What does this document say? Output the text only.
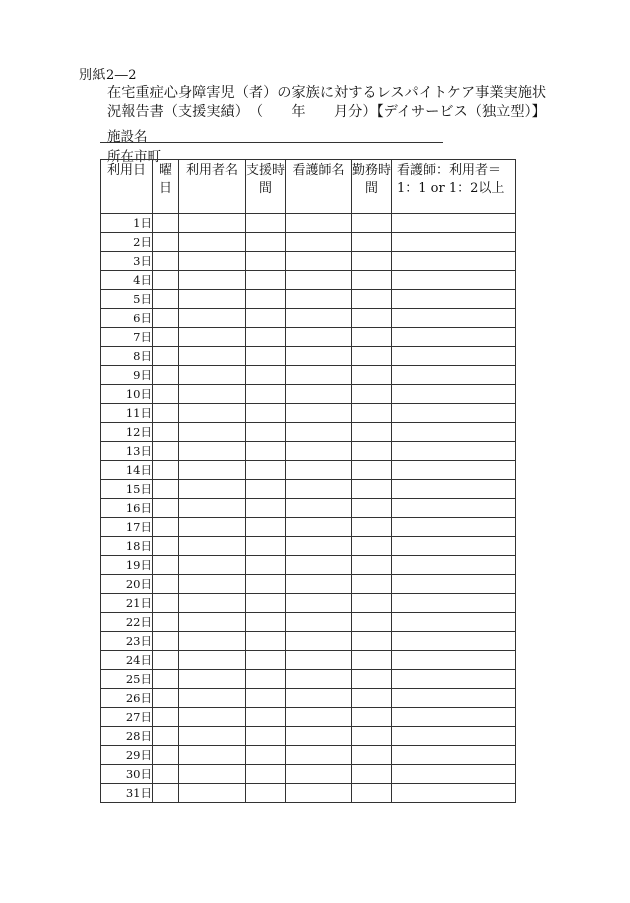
別紙2―2
在宅重症心身障害児（者）の家族に対するレスパイトケア事業実施状
況報告書（支援実績）　（　　年　　月分）【デイサービス（独立型）】
施設名
所在市町
利用日	曜日	利用者名	支援時間	看護師名	勤務時間	看護師：利用者＝1：1 or 1：2以上
1日						
2日						
3日						
4日						
5日						
6日						
7日						
8日						
9日						
10日						
11日						
12日						
13日						
14日						
15日						
16日						
17日						
18日						
19日						
20日						
21日						
22日						
23日						
24日						
25日						
26日						
27日						
28日						
29日						
30日						
31日						
